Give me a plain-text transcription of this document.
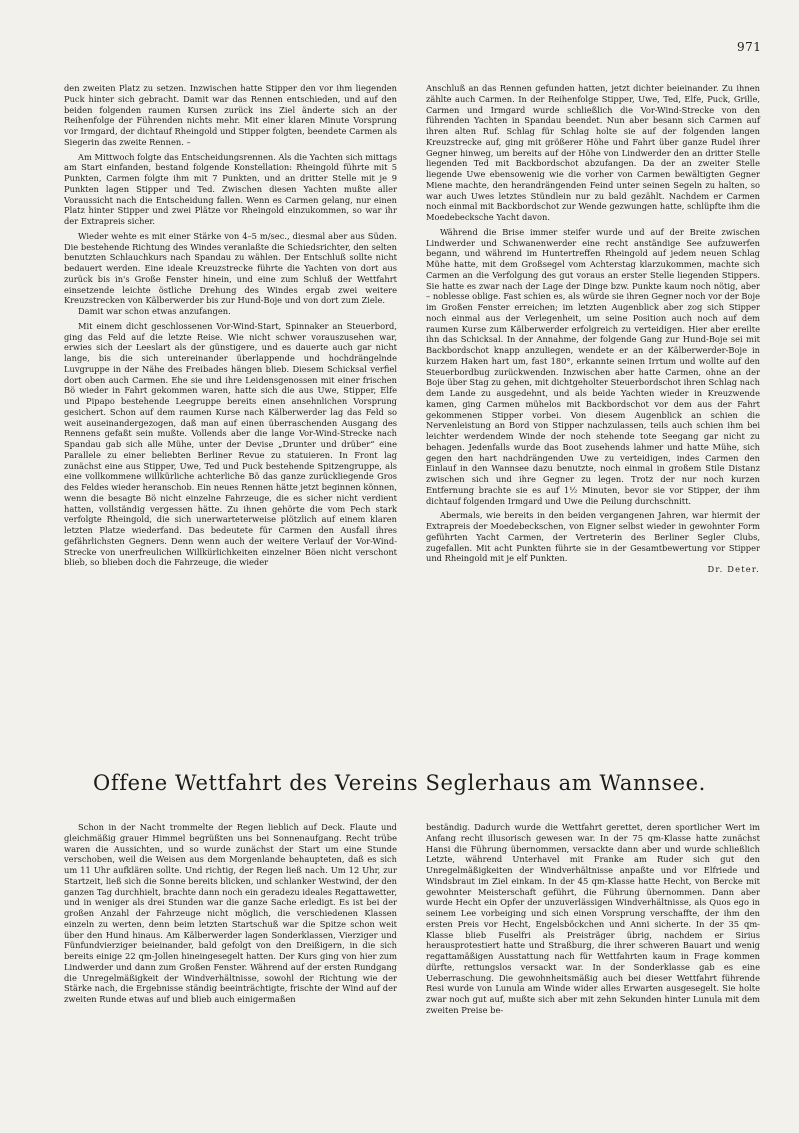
971

den zweiten Platz zu setzen. Inzwischen hatte Stipper den vor ihm liegenden Puck hinter sich gebracht. Damit war das Rennen entschieden, und auf den beiden folgenden raumen Kursen zurück ins Ziel änderte sich an der Reihenfolge der Führenden nichts mehr. Mit einer klaren Minute Vorsprung vor Irmgard, der dichtauf Rheingold und Stipper folgten, beendete Carmen als Siegerin das zweite Rennen. –

Am Mittwoch folgte das Entscheidungsrennen. Als die Yachten sich mittags am Start einfanden, bestand folgende Konstellation: Rheingold führte mit 5 Punkten, Carmen folgte ihm mit 7 Punkten, und an dritter Stelle mit je 9 Punkten lagen Stipper und Ted. Zwischen diesen Yachten mußte aller Voraussicht nach die Entscheidung fallen. Wenn es Carmen gelang, nur einen Platz hinter Stipper und zwei Plätze vor Rheingold einzukommen, so war ihr der Extrapreis sicher.

Wieder wehte es mit einer Stärke von 4–5 m/sec., diesmal aber aus Süden. Die bestehende Richtung des Windes veranlaßte die Schiedsrichter, den selten benutzten Schlauchkurs nach Spandau zu wählen. Der Entschluß sollte nicht bedauert werden. Eine ideale Kreuzstrecke führte die Yachten von dort aus zurück bis in's Große Fenster hinein, und eine zum Schluß der Wettfahrt einsetzende leichte östliche Drehung des Windes ergab zwei weitere Kreuzstrecken von Kälberwerder bis zur Hund-Boje und von dort zum Ziele.

Damit war schon etwas anzufangen.

Mit einem dicht geschlossenen Vor-Wind-Start, Spinnaker an Steuerbord, ging das Feld auf die letzte Reise. Wie nicht schwer vorauszusehen war, erwies sich der Leeslart als der günstigere, und es dauerte auch gar nicht lange, bis die sich untereinander überlappende und hochdrängelnde Luvgruppe in der Nähe des Freibades hängen blieb. Diesem Schicksal verfiel dort oben auch Carmen. Ehe sie und ihre Leidensgenossen mit einer frischen Bö wieder in Fahrt gekommen waren, hatte sich die aus Uwe, Stipper, Elfe und Pipapo bestehende Leegruppe bereits einen ansehnlichen Vorsprung gesichert. Schon auf dem raumen Kurse nach Kälberwerder lag das Feld so weit auseinandergezogen, daß man auf einen überraschenden Ausgang des Rennens gefaßt sein mußte. Vollends aber die lange Vor-Wind-Strecke nach Spandau gab sich alle Mühe, unter der Devise „Drunter und drüber“ eine Parallele zu einer beliebten Berliner Revue zu statuieren. In Front lag zunächst eine aus Stipper, Uwe, Ted und Puck bestehende Spitzengruppe, als eine vollkommene willkürliche achterliche Bö das ganze zurückliegende Gros des Feldes wieder heranschob. Ein neues Rennen hätte jetzt beginnen können, wenn die besagte Bö nicht einzelne Fahrzeuge, die es sicher nicht verdient hatten, vollständig vergessen hätte. Zu ihnen gehörte die vom Pech stark verfolgte Rheingold, die sich unerwarteterweise plötzlich auf einem klaren letzten Platze wiederfand. Das bedeutete für Carmen den Ausfall ihres gefährlichsten Gegners. Denn wenn auch der weitere Verlauf der Vor-Wind-Strecke von unerfreulichen Willkürlichkeiten einzelner Böen nicht verschont blieb, so blieben doch die Fahrzeuge, die wieder

Anschluß an das Rennen gefunden hatten, jetzt dichter beieinander. Zu ihnen zählte auch Carmen. In der Reihenfolge Stipper, Uwe, Ted, Elfe, Puck, Grille, Carmen und Irmgard wurde schließlich die Vor-Wind-Strecke von den führenden Yachten in Spandau beendet. Nun aber besann sich Carmen auf ihren alten Ruf. Schlag für Schlag holte sie auf der folgenden langen Kreuzstrecke auf, ging mit größerer Höhe und Fahrt über ganze Rudel ihrer Gegner hinweg, um bereits auf der Höhe von Lindwerder den an dritter Stelle liegenden Ted mit Backbordschot abzufangen. Da der an zweiter Stelle liegende Uwe ebensowenig wie die vorher von Carmen bewältigten Gegner Miene machte, den herandrängenden Feind unter seinen Segeln zu halten, so war auch Uwes letztes Stündlein nur zu bald gezählt. Nachdem er Carmen noch einmal mit Backbordschot zur Wende gezwungen hatte, schlüpfte ihm die Moedebecksche Yacht davon.

Während die Brise immer steifer wurde und auf der Breite zwischen Lindwerder und Schwanenwerder eine recht anständige See aufzuwerfen begann, und während im Huntertreffen Rheingold auf jedem neuen Schlag Mühe hatte, mit dem Großsegel vom Achterstag klarzukommen, machte sich Carmen an die Verfolgung des gut voraus an erster Stelle liegenden Stippers. Sie hatte es zwar nach der Lage der Dinge bzw. Punkte kaum noch nötig, aber – noblesse oblige. Fast schien es, als würde sie ihren Gegner noch vor der Boje im Großen Fenster erreichen; im letzten Augenblick aber zog sich Stipper noch einmal aus der Verlegenheit, um seine Position auch noch auf dem raumen Kurse zum Kälberwerder erfolgreich zu verteidigen. Hier aber ereilte ihn das Schicksal. In der Annahme, der folgende Gang zur Hund-Boje sei mit Backbordschot knapp anzuliegen, wendete er an der Kälberwerder-Boje in kurzem Haken hart um, fast 180°, erkannte seinen Irrtum und wollte auf den Steuerbordbug zurückwenden. Inzwischen aber hatte Carmen, ohne an der Boje über Stag zu gehen, mit dichtgeholter Steuerbordschot ihren Schlag nach dem Lande zu ausgedehnt, und als beide Yachten wieder in Kreuzwende kamen, ging Carmen mühelos mit Backbordschot vor dem aus der Fahrt gekommenen Stipper vorbei. Von diesem Augenblick an schien die Nervenleistung an Bord von Stipper nachzulassen, teils auch schien ihm bei leichter werdendem Winde der noch stehende tote Seegang gar nicht zu behagen. Jedenfalls wurde das Boot zusehends lahmer und hatte Mühe, sich gegen den hart nachdrängenden Uwe zu verteidigen, indes Carmen den Einlauf in den Wannsee dazu benutzte, noch einmal in großem Stile Distanz zwischen sich und ihre Gegner zu legen. Trotz der nur noch kurzen Entfernung brachte sie es auf 1½ Minuten, bevor sie vor Stipper, der ihm dichtauf folgenden Irmgard und Uwe die Peilung durchschnitt.

Abermals, wie bereits in den beiden vergangenen Jahren, war hiermit der Extrapreis der Moedebeckschen, von Eigner selbst wieder in gewohnter Form geführten Yacht Carmen, der Vertreterin des Berliner Segler Clubs, zugefallen. Mit acht Punkten führte sie in der Gesamtbewertung vor Stipper und Rheingold mit je elf Punkten.

Dr. Deter.
Offene Wettfahrt des Vereins Seglerhaus am Wannsee.

Schon in der Nacht trommelte der Regen lieblich auf Deck. Flaute und gleichmäßig grauer Himmel begrüßten uns bei Sonnenaufgang. Recht trübe waren die Aussichten, und so wurde zunächst der Start um eine Stunde verschoben, weil die Weisen aus dem Morgenlande behaupteten, daß es sich um 11 Uhr aufklären sollte. Und richtig, der Regen ließ nach. Um 12 Uhr, zur Startzeit, ließ sich die Sonne bereits blicken, und schlanker Westwind, der den ganzen Tag durchhielt, brachte dann noch ein geradezu ideales Regattawetter, und in weniger als drei Stunden war die ganze Sache erledigt. Es ist bei der großen Anzahl der Fahrzeuge nicht möglich, die verschiedenen Klassen einzeln zu werten, denn beim letzten Startschuß war die Spitze schon weit über den Hund hinaus. Am Kälberwerder lagen Sonderklassen, Vierziger und Fünfundvierziger beieinander, bald gefolgt von den Dreißigern, in die sich bereits einige 22 qm-Jollen hineingesegelt hatten. Der Kurs ging von hier zum Lindwerder und dann zum Großen Fenster. Während auf der ersten Rundgang die Unregelmäßigkeit der Windverhältnisse, sowohl der Richtung wie der Stärke nach, die Ergebnisse ständig beeinträchtigte, frischte der Wind auf der zweiten Runde etwas auf und blieb auch einigermaßen

beständig. Dadurch wurde die Wettfahrt gerettet, deren sportlicher Wert im Anfang recht illusorisch gewesen war. In der 75 qm-Klasse hatte zunächst Hansi die Führung übernommen, versackte dann aber und wurde schließlich Letzte, während Unterhavel mit Franke am Ruder sich gut den Unregelmäßigkeiten der Windverhältnisse anpaßte und vor Elfriede und Windsbraut im Ziel einkam. In der 45 qm-Klasse hatte Hecht, von Bercke mit gewohnter Meisterschaft geführt, die Führung übernommen. Dann aber wurde Hecht ein Opfer der unzuverlässigen Windverhältnisse, als Quos ego in seinem Lee vorbeiging und sich einen Vorsprung verschaffte, der ihm den ersten Preis vor Hecht, Engelsböckchen und Anni sicherte. In der 35 qm-Klasse blieb Fuselfri als Preisträger übrig, nachdem er Sirius herausprotestiert hatte und Straßburg, die ihrer schweren Bauart und wenig regattamäßigen Ausstattung nach für Wettfahrten kaum in Frage kommen dürfte, rettungslos versackt war. In der Sonderklasse gab es eine Ueberraschung. Die gewohnheitsmäßig auch bei dieser Wettfahrt führende Resi wurde von Lunula am Winde wider alles Erwarten ausgesegelt. Sie holte zwar noch gut auf, mußte sich aber mit zehn Sekunden hinter Lunula mit dem zweiten Preise be-
